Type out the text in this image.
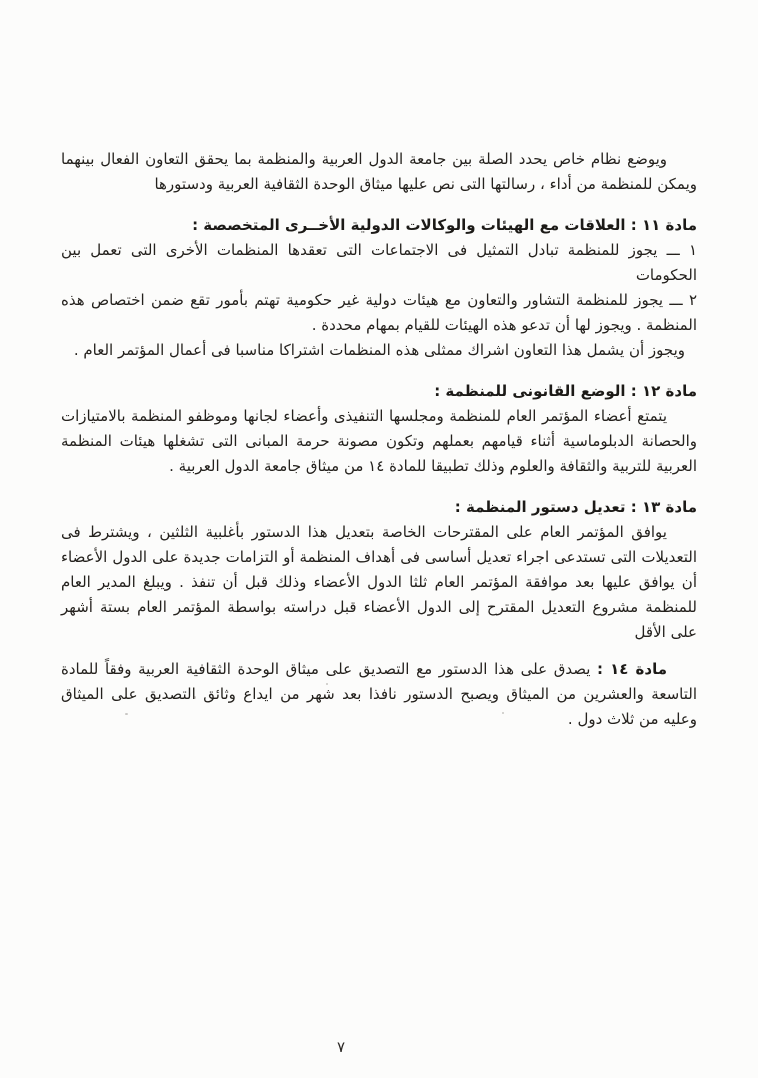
ويوضع نظام خاص يحدد الصلة بين جامعة الدول العربية والمنظمة بما يحقق التعاون الفعال بينهما ويمكن للمنظمة من أداء ، رسالتها التى نص عليها ميثاق الوحدة الثقافية العربية ودستورها

مادة ١١ : العلاقات مع الهيئات والوكالات الدولية الأخــرى المتخصصة :

١ ـــ يجوز للمنظمة تبادل التمثيل فى الاجتماعات التى تعقدها المنظمات الأخرى التى تعمل بين الحكومات

٢ ـــ يجوز للمنظمة التشاور والتعاون مع هيئات دولية غير حكومية تهتم بأمور تقع ضمن اختصاص هذه المنظمة . ويجوز لها أن تدعو هذه الهيئات للقيام بمهام محددة .

ويجوز أن يشمل هذا التعاون اشراك ممثلى هذه المنظمات اشتراكا مناسبا فى أعمال المؤتمر العام .

مادة ١٢ : الوضع القانونى للمنظمة :

يتمتع أعضاء المؤتمر العام للمنظمة ومجلسها التنفيذى وأعضاء لجانها وموظفو المنظمة بالامتيازات والحصانة الدبلوماسية أثناء قيامهم بعملهم وتكون مصونة حرمة المبانى التى تشغلها هيئات المنظمة العربية للتربية والثقافة والعلوم وذلك تطبيقا للمادة ١٤ من ميثاق جامعة الدول العربية .

مادة ١٣ : تعديل دستور المنظمة :

يوافق المؤتمر العام على المقترحات الخاصة بتعديل هذا الدستور بأغلبية الثلثين ، ويشترط فى التعديلات التى تستدعى اجراء تعديل أساسى فى أهداف المنظمة أو التزامات جديدة على الدول الأعضاء أن يوافق عليها بعد موافقة المؤتمر العام ثلثا الدول الأعضاء وذلك قبل أن تنفذ . ويبلغ المدير العام للمنظمة مشروع التعديل المقترح إلى الدول الأعضاء قبل دراسته بواسطة المؤتمر العام بستة أشهر على الأقل

مادة ١٤ : يصدق على هذا الدستور مع التصديق على ميثاق الوحدة الثقافية العربية وفقاً للمادة التاسعة والعشرين من الميثاق ويصبح الدستور نافذا بعد شهر من ايداع وثائق التصديق على الميثاق وعليه من ثلاث دول .

٧
